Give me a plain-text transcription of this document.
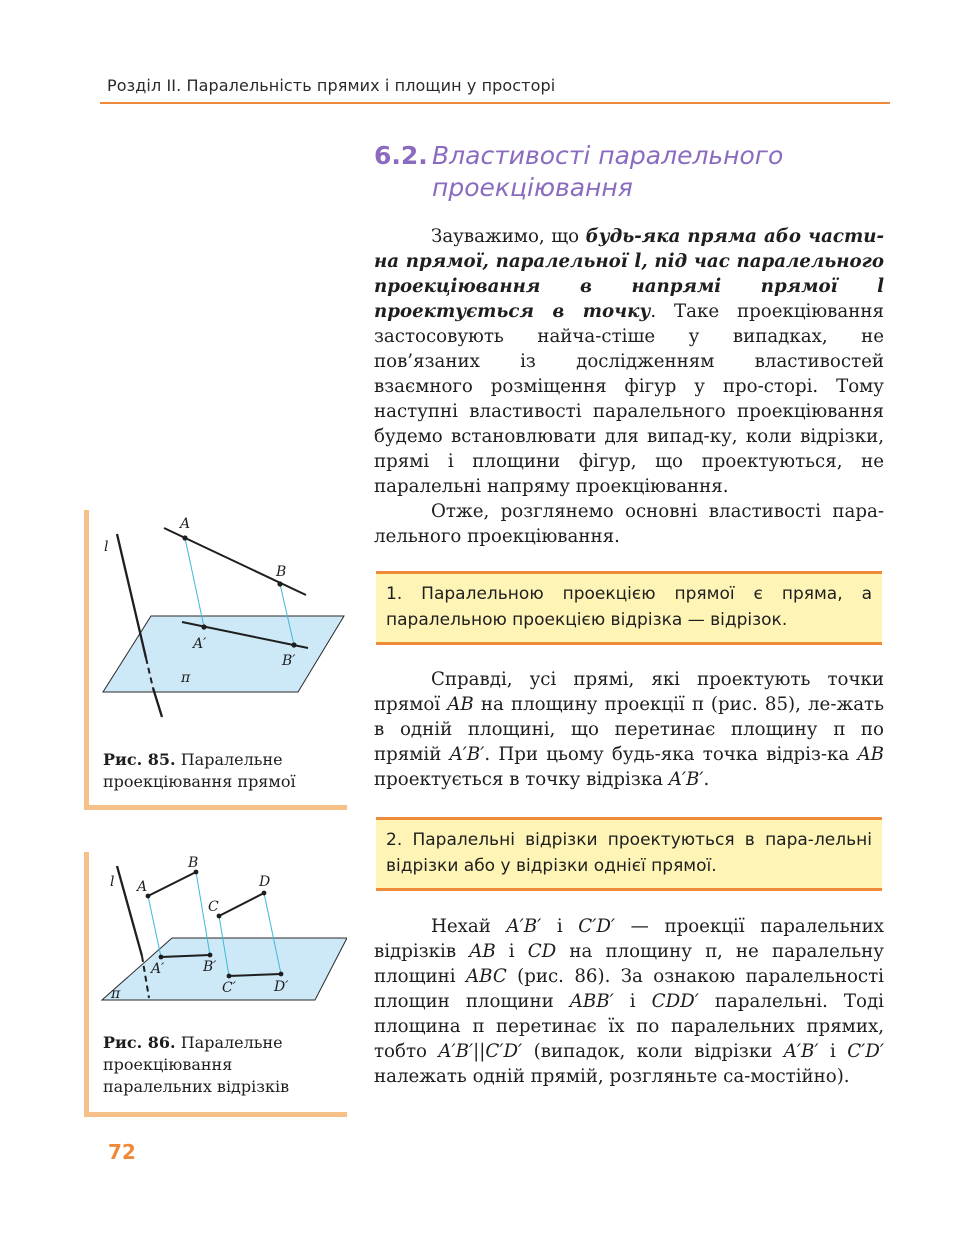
Розділ ІІ. Паралельність прямих і площин у просторі
6.2. Властивості паралельного
проекціювання

Зауважимо, що будь-яка пряма або части-на прямої, паралельної l, під час паралельного проекціювання в напрямі прямої l проектується в точку. Таке проекціювання застосовують найча-стіше у випадках, не пов’язаних із дослідженням властивостей взаємного розміщення фігур у про-сторі. Тому наступні властивості паралельного проекціювання будемо встановлювати для випад-ку, коли відрізки, прямі і площини фігур, що проектуються, не паралельні напряму проекціювання.

Отже, розглянемо основні властивості пара-лельного проекціювання.

1. Паралельною проекцією прямої є пряма, а паралельною проекцією відрізка — відрізок.

Справді, усі прямі, які проектують точки прямої AB на площину проекції π (рис. 85), ле-жать в одній площині, що перетинає площину π по прямій A′B′. При цьому будь-яка точка відріз-ка AB проектується в точку відрізка A′B′.

2. Паралельні відрізки проектуються в пара-лельні відрізки або у відрізки однієї прямої.

Нехай A′B′ і C′D′ — проекції паралельних відрізків AB і CD на площину π, не паралельну площині ABC (рис. 86). За ознакою паралельності площин площини ABB′ і CDD′ паралельні. Тоді площина π перетинає їх по паралельних прямих, тобто A′B′||C′D′ (випадок, коли відрізки A′B′ і C′D′ належать одній прямій, розгляньте са-мостійно).

l
A
B
A′
B′
π
Рис. 85. Паралельне
проекціювання прямої
l A
B
C
D
A′	B′
C′	D′
π
Рис. 86. Паралельне
проекціювання
паралельних відрізків
72
